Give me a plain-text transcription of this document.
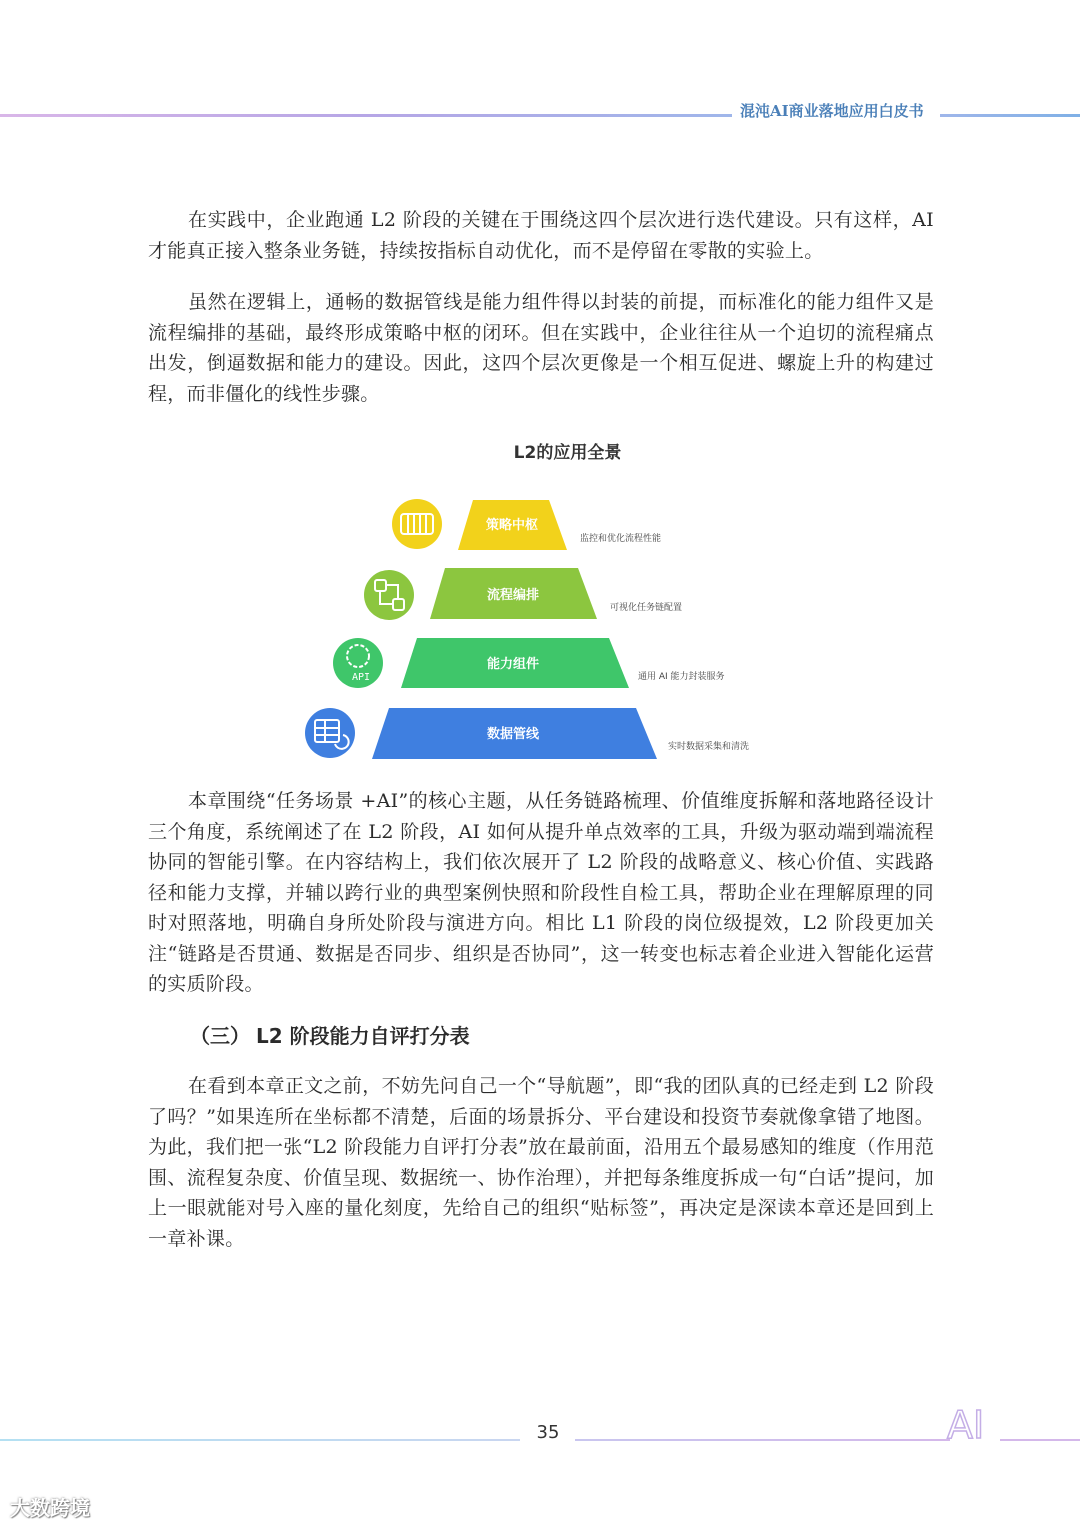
混沌AI商业落地应用白皮书

在实践中，企业跑通 L2 阶段的关键在于围绕这四个层次进行迭代建设。只有这样，AI 才能真正接入整条业务链，持续按指标自动优化，而不是停留在零散的实验上。

虽然在逻辑上，通畅的数据管线是能力组件得以封装的前提，而标准化的能力组件又是流程编排的基础，最终形成策略中枢的闭环。但在实践中，企业往往从一个迫切的流程痛点出发，倒逼数据和能力的建设。因此，这四个层次更像是一个相互促进、螺旋上升的构建过程，而非僵化的线性步骤。

L2的应用全景
策略中枢
监控和优化流程性能
流程编排
可视化任务链配置
API
能力组件
通用 AI 能力封装服务
数据管线
实时数据采集和清洗

本章围绕“任务场景 +AI”的核心主题，从任务链路梳理、价值维度拆解和落地路径设计三个角度，系统阐述了在 L2 阶段，AI 如何从提升单点效率的工具，升级为驱动端到端流程协同的智能引擎。在内容结构上，我们依次展开了 L2 阶段的战略意义、核心价值、实践路径和能力支撑，并辅以跨行业的典型案例快照和阶段性自检工具，帮助企业在理解原理的同时对照落地，明确自身所处阶段与演进方向。相比 L1 阶段的岗位级提效，L2 阶段更加关注“链路是否贯通、数据是否同步、组织是否协同”，这一转变也标志着企业进入智能化运营的实质阶段。

（三） L2 阶段能力自评打分表

在看到本章正文之前，不妨先问自己一个“导航题”，即“我的团队真的已经走到 L2 阶段了吗？”如果连所在坐标都不清楚，后面的场景拆分、平台建设和投资节奏就像拿错了地图。为此，我们把一张“L2 阶段能力自评打分表”放在最前面，沿用五个最易感知的维度（作用范围、流程复杂度、价值呈现、数据统一、协作治理），并把每条维度拆成一句“白话”提问，加上一眼就能对号入座的量化刻度，先给自己的组织“贴标签”，再决定是深读本章还是回到上一章补课。

35	AI
大数跨境
